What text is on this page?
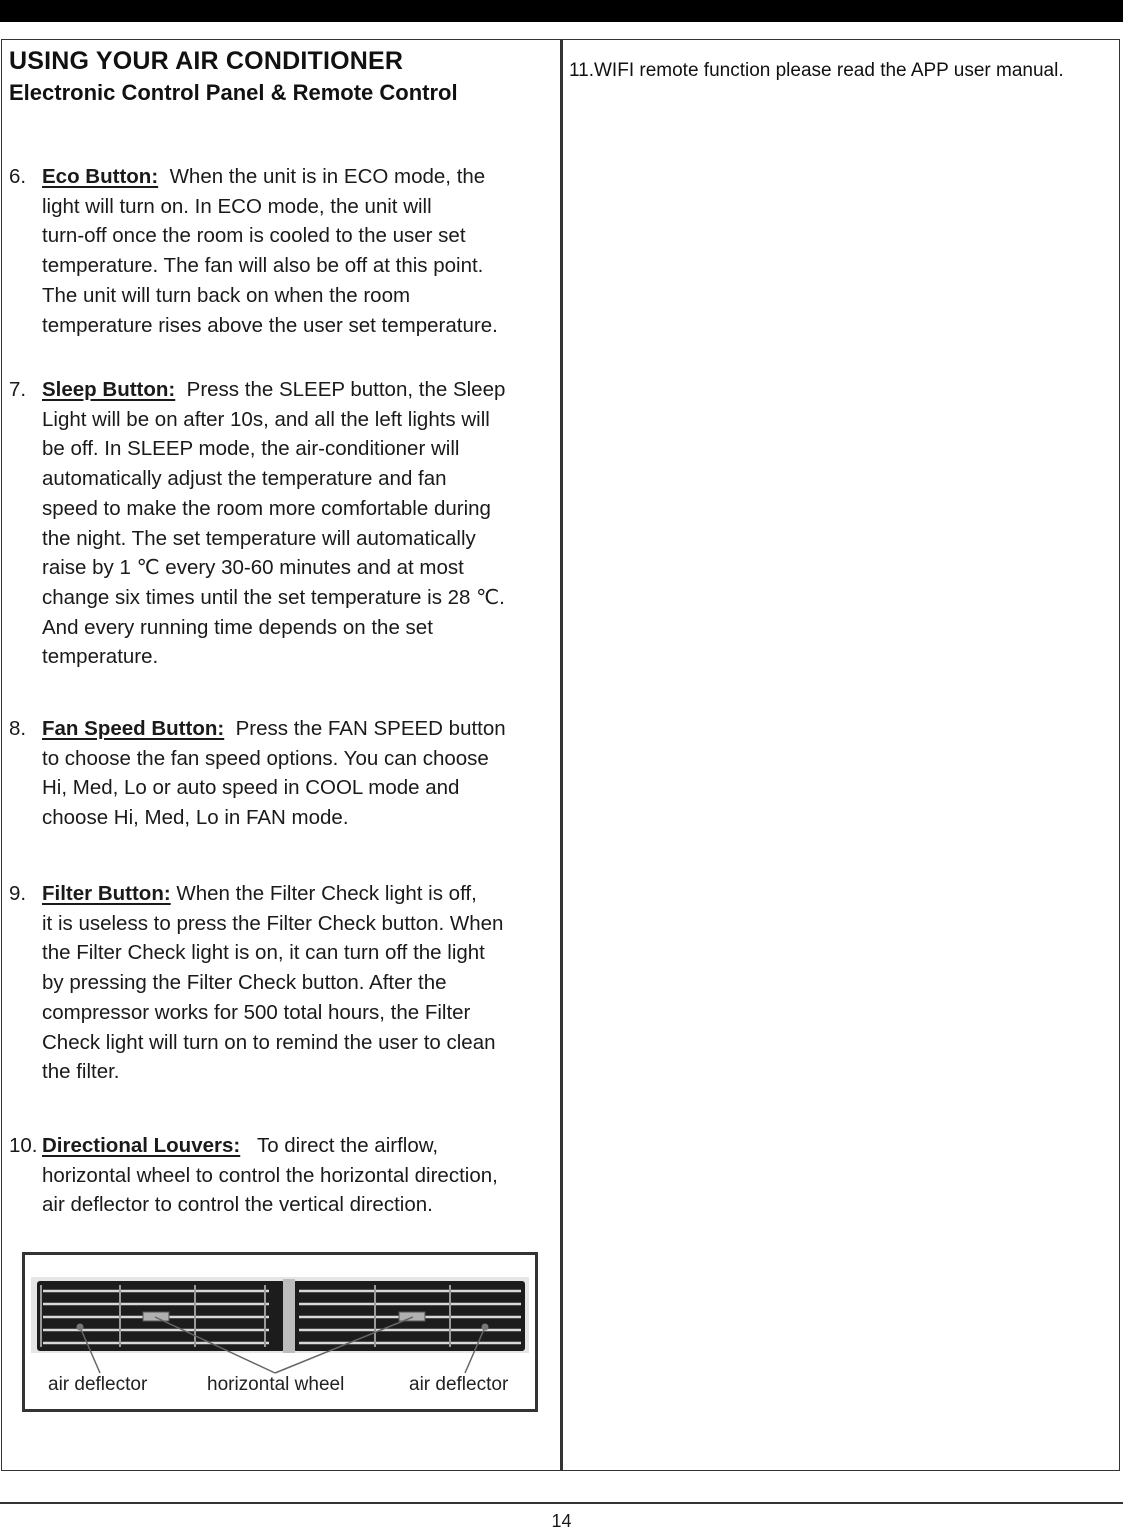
USING YOUR AIR CONDITIONER
Electronic Control Panel & Remote Control
6. Eco Button: When the unit is in ECO mode, the
light will turn on. In ECO mode, the unit will
turn-off once the room is cooled to the user set
temperature. The fan will also be off at this point.
The unit will turn back on when the room
temperature rises above the user set temperature.
7. Sleep Button: Press the SLEEP button, the Sleep
Light will be on after 10s, and all the left lights will
be off. In SLEEP mode, the air-conditioner will
automatically adjust the temperature and fan
speed to make the room more comfortable during
the night. The set temperature will automatically
raise by 1 ℃ every 30-60 minutes and at most
change six times until the set temperature is 28 ℃.
And every running time depends on the set
temperature.
8. Fan Speed Button: Press the FAN SPEED button
to choose the fan speed options. You can choose
Hi, Med, Lo or auto speed in COOL mode and
choose Hi, Med, Lo in FAN mode.
9. Filter Button: When the Filter Check light is off,
it is useless to press the Filter Check button. When
the Filter Check light is on, it can turn off the light
by pressing the Filter Check button. After the
compressor works for 500 total hours, the Filter
Check light will turn on to remind the user to clean
the filter.
10. Directional Louvers: To direct the airflow,
horizontal wheel to control the horizontal direction,
air deflector to control the vertical direction.
air deflector	horizontal wheel	air deflector
11.WIFI remote function please read the APP user manual.
14
